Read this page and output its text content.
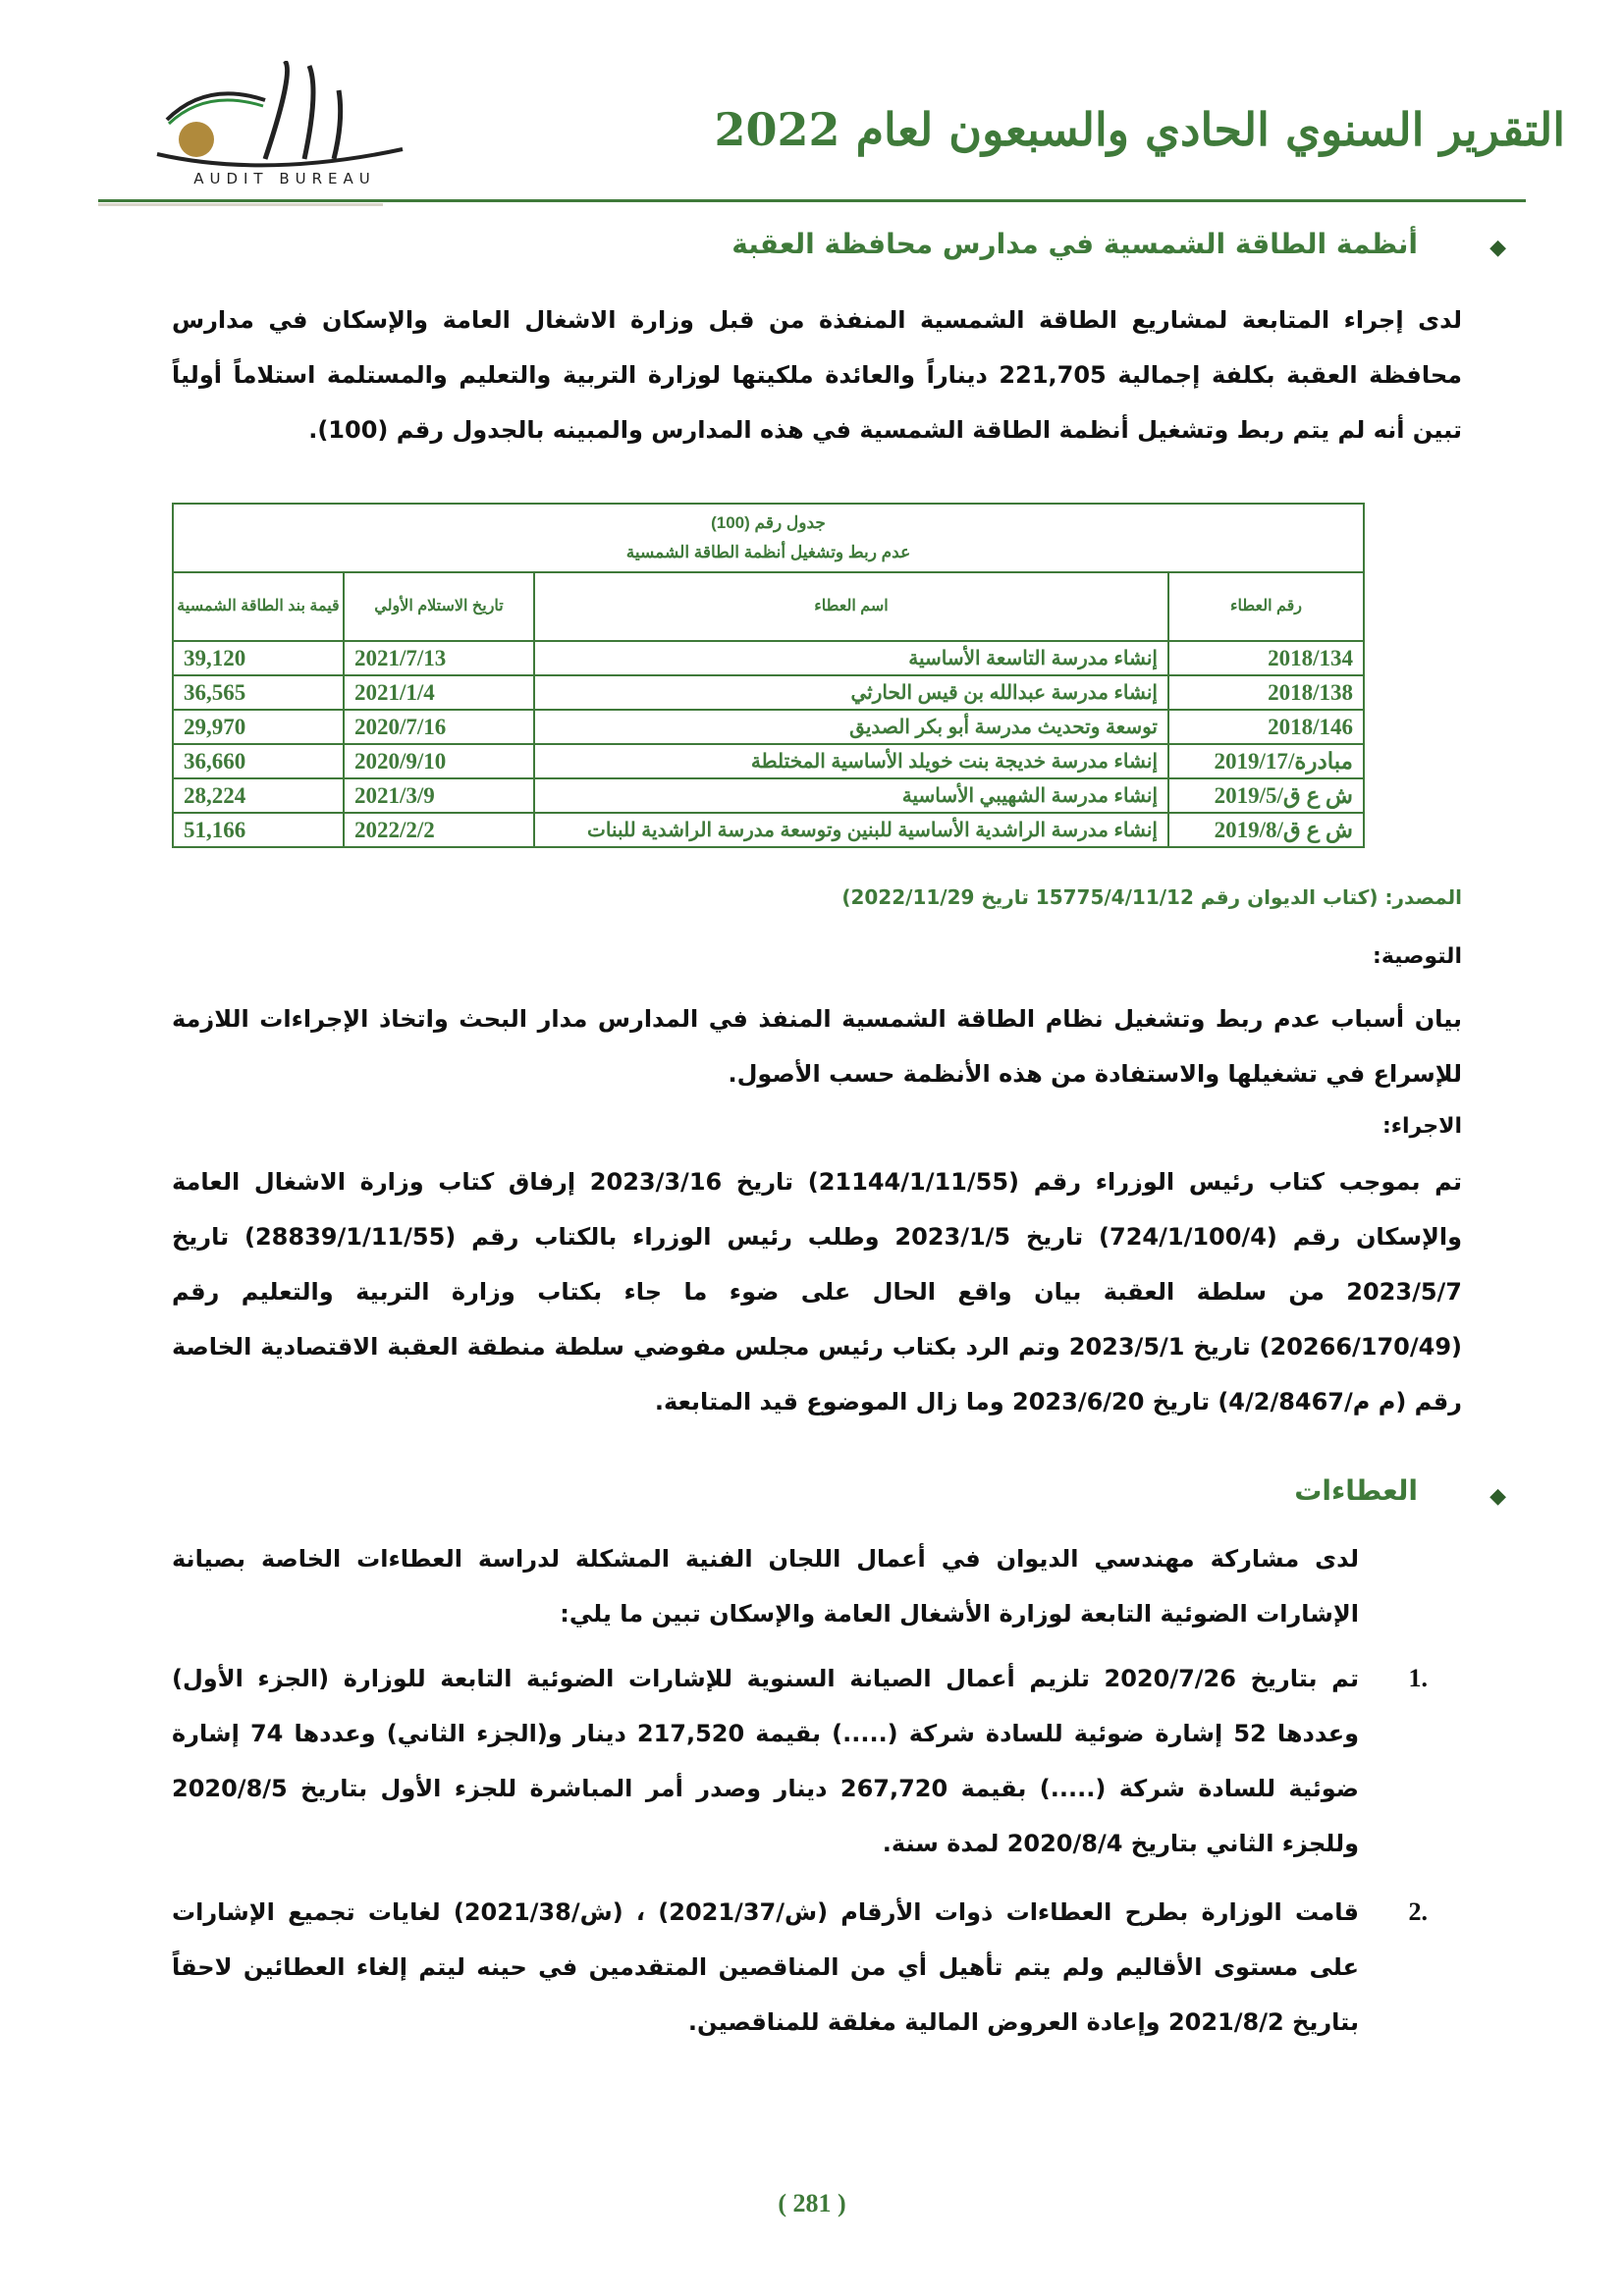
AUDIT BUREAU
التقرير السنوي الحادي والسبعون لعام 2022
◆
أنظمة الطاقة الشمسية في مدارس محافظة العقبة
لدى إجراء المتابعة لمشاريع الطاقة الشمسية المنفذة من قبل وزارة الاشغال العامة والإسكان في مدارس محافظة العقبة بكلفة إجمالية 221,705 ديناراً والعائدة ملكيتها لوزارة التربية والتعليم والمستلمة استلاماً أولياً تبين أنه لم يتم ربط وتشغيل أنظمة الطاقة الشمسية في هذه المدارس والمبينه بالجدول رقم (100).
جدول رقم (100)
عدم ربط وتشغيل أنظمة الطاقة الشمسية			

رقم العطاء	اسم العطاء	تاريخ الاستلام الأولي	قيمة بند الطاقة الشمسية
2018/134	إنشاء مدرسة التاسعة الأساسية	2021/7/13	39,120
2018/138	إنشاء مدرسة عبدالله بن قيس الحارثي	2021/1/4	36,565
2018/146	توسعة وتحديث مدرسة أبو بكر الصديق	2020/7/16	29,970
مبادرة/2019/17	إنشاء مدرسة خديجة بنت خويلد الأساسية المختلطة	2020/9/10	36,660
ش ع ق/2019/5	إنشاء مدرسة الشهيبي الأساسية	2021/3/9	28,224
ش ع ق/2019/8	إنشاء مدرسة الراشدية الأساسية للبنين وتوسعة مدرسة الراشدية للبنات	2022/2/2	51,166
المصدر: (كتاب الديوان رقم 15775/4/11/12 تاريخ 2022/11/29)
التوصية:
بيان أسباب عدم ربط وتشغيل نظام الطاقة الشمسية المنفذ في المدارس مدار البحث واتخاذ الإجراءات اللازمة للإسراع في تشغيلها والاستفادة من هذه الأنظمة حسب الأصول.
الاجراء:
تم بموجب كتاب رئيس الوزراء رقم (21144/1/11/55) تاريخ 2023/3/16 إرفاق كتاب وزارة الاشغال العامة والإسكان رقم (724/1/100/4) تاريخ 2023/1/5 وطلب رئيس الوزراء بالكتاب رقم (28839/1/11/55) تاريخ 2023/5/7 من سلطة العقبة بيان واقع الحال على ضوء ما جاء بكتاب وزارة التربية والتعليم رقم (20266/170/49) تاريخ 2023/5/1 وتم الرد بكتاب رئيس مجلس مفوضي سلطة منطقة العقبة الاقتصادية الخاصة رقم (م م/4/2/8467) تاريخ 2023/6/20 وما زال الموضوع قيد المتابعة.
◆
العطاءات
لدى مشاركة مهندسي الديوان في أعمال اللجان الفنية المشكلة لدراسة العطاءات الخاصة بصيانة الإشارات الضوئية التابعة لوزارة الأشغال العامة والإسكان تبين ما يلي:
.1
تم بتاريخ 2020/7/26 تلزيم أعمال الصيانة السنوية للإشارات الضوئية التابعة للوزارة (الجزء الأول) وعددها 52 إشارة ضوئية للسادة شركة (.....) بقيمة 217,520 دينار و(الجزء الثاني) وعددها 74 إشارة ضوئية للسادة شركة (.....) بقيمة 267,720 دينار وصدر أمر المباشرة للجزء الأول بتاريخ 2020/8/5 وللجزء الثاني بتاريخ 2020/8/4 لمدة سنة.
.2
قامت الوزارة بطرح العطاءات ذوات الأرقام (ش/2021/37) ، (ش/2021/38) لغايات تجميع الإشارات على مستوى الأقاليم ولم يتم تأهيل أي من المناقصين المتقدمين في حينه ليتم إلغاء العطائين لاحقاً بتاريخ 2021/8/2 وإعادة العروض المالية مغلقة للمناقصين.
( 281 )
